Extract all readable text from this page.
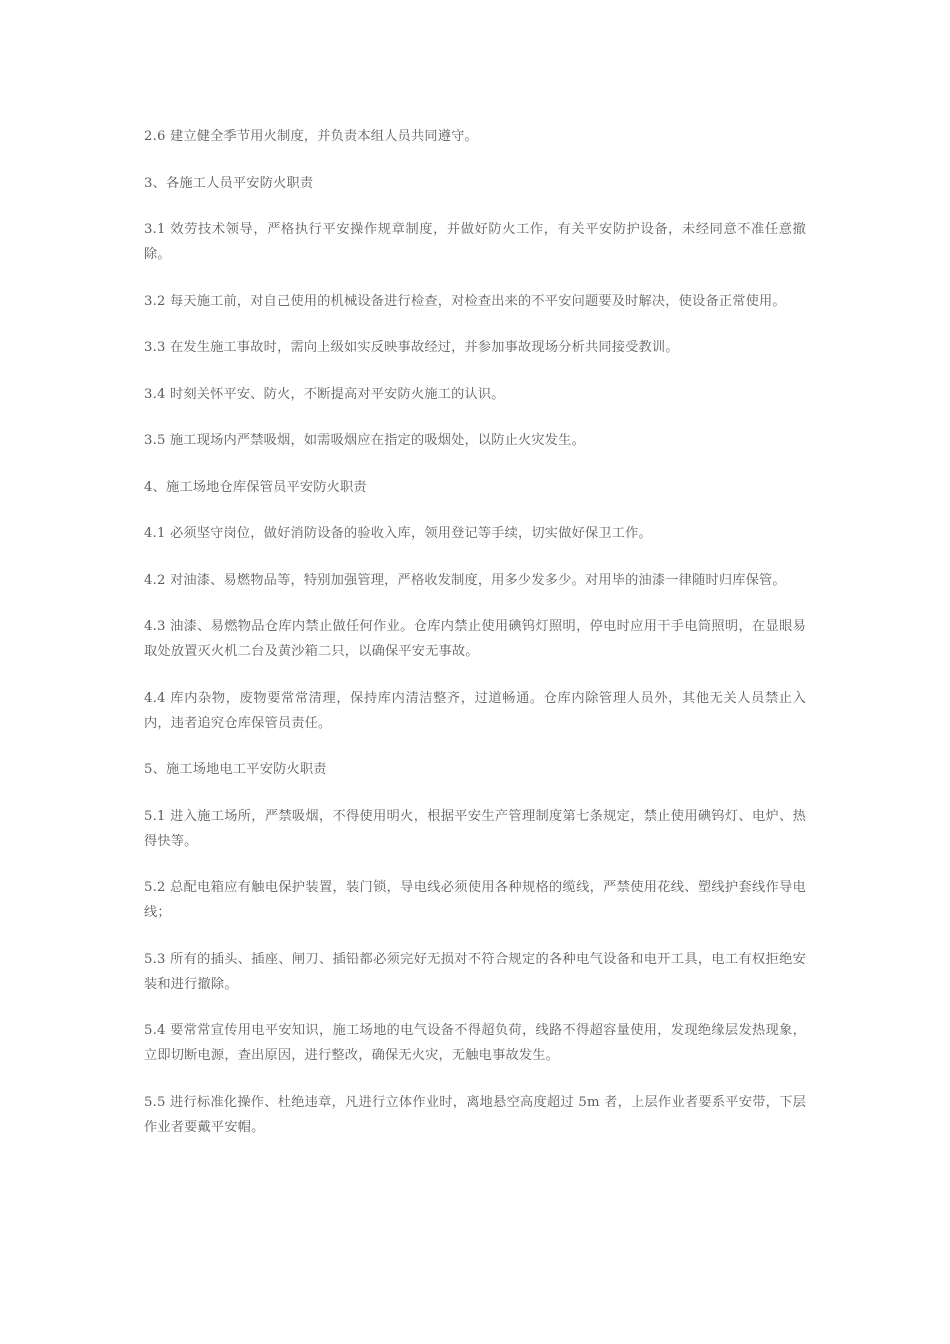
2.6 建立健全季节用火制度，并负责本组人员共同遵守。

3、各施工人员平安防火职责

3.1 效劳技术领导，严格执行平安操作规章制度，并做好防火工作，有关平安防护设备，未经同意不准任意撤除。

3.2 每天施工前，对自己使用的机械设备进行检查，对检查出来的不平安问题要及时解决，使设备正常使用。

3.3 在发生施工事故时，需向上级如实反映事故经过，并参加事故现场分析共同接受教训。

3.4 时刻关怀平安、防火，不断提高对平安防火施工的认识。

3.5 施工现场内严禁吸烟，如需吸烟应在指定的吸烟处，以防止火灾发生。

4、施工场地仓库保管员平安防火职责

4.1 必须坚守岗位，做好消防设备的验收入库，领用登记等手续，切实做好保卫工作。

4.2 对油漆、易燃物品等，特别加强管理，严格收发制度，用多少发多少。对用毕的油漆一律随时归库保管。

4.3 油漆、易燃物品仓库内禁止做任何作业。仓库内禁止使用碘钨灯照明，停电时应用干手电筒照明，在显眼易取处放置灭火机二台及黄沙箱二只，以确保平安无事故。

4.4 库内杂物，废物要常常清理，保持库内清洁整齐，过道畅通。仓库内除管理人员外，其他无关人员禁止入内，违者追究仓库保管员责任。

5、施工场地电工平安防火职责

5.1 进入施工场所，严禁吸烟，不得使用明火，根据平安生产管理制度第七条规定，禁止使用碘钨灯、电炉、热得快等。

5.2 总配电箱应有触电保护装置，装门锁，导电线必须使用各种规格的缆线，严禁使用花线、塑线护套线作导电线；

5.3 所有的插头、插座、闸刀、插铅都必须完好无损对不符合规定的各种电气设备和电开工具，电工有权拒绝安装和进行撤除。

5.4 要常常宣传用电平安知识，施工场地的电气设备不得超负荷，线路不得超容量使用，发现绝缘层发热现象，立即切断电源，查出原因，进行整改，确保无火灾，无触电事故发生。

5.5 进行标准化操作、杜绝违章，凡进行立体作业时，离地悬空高度超过 5m 者，上层作业者要系平安带，下层作业者要戴平安帽。
